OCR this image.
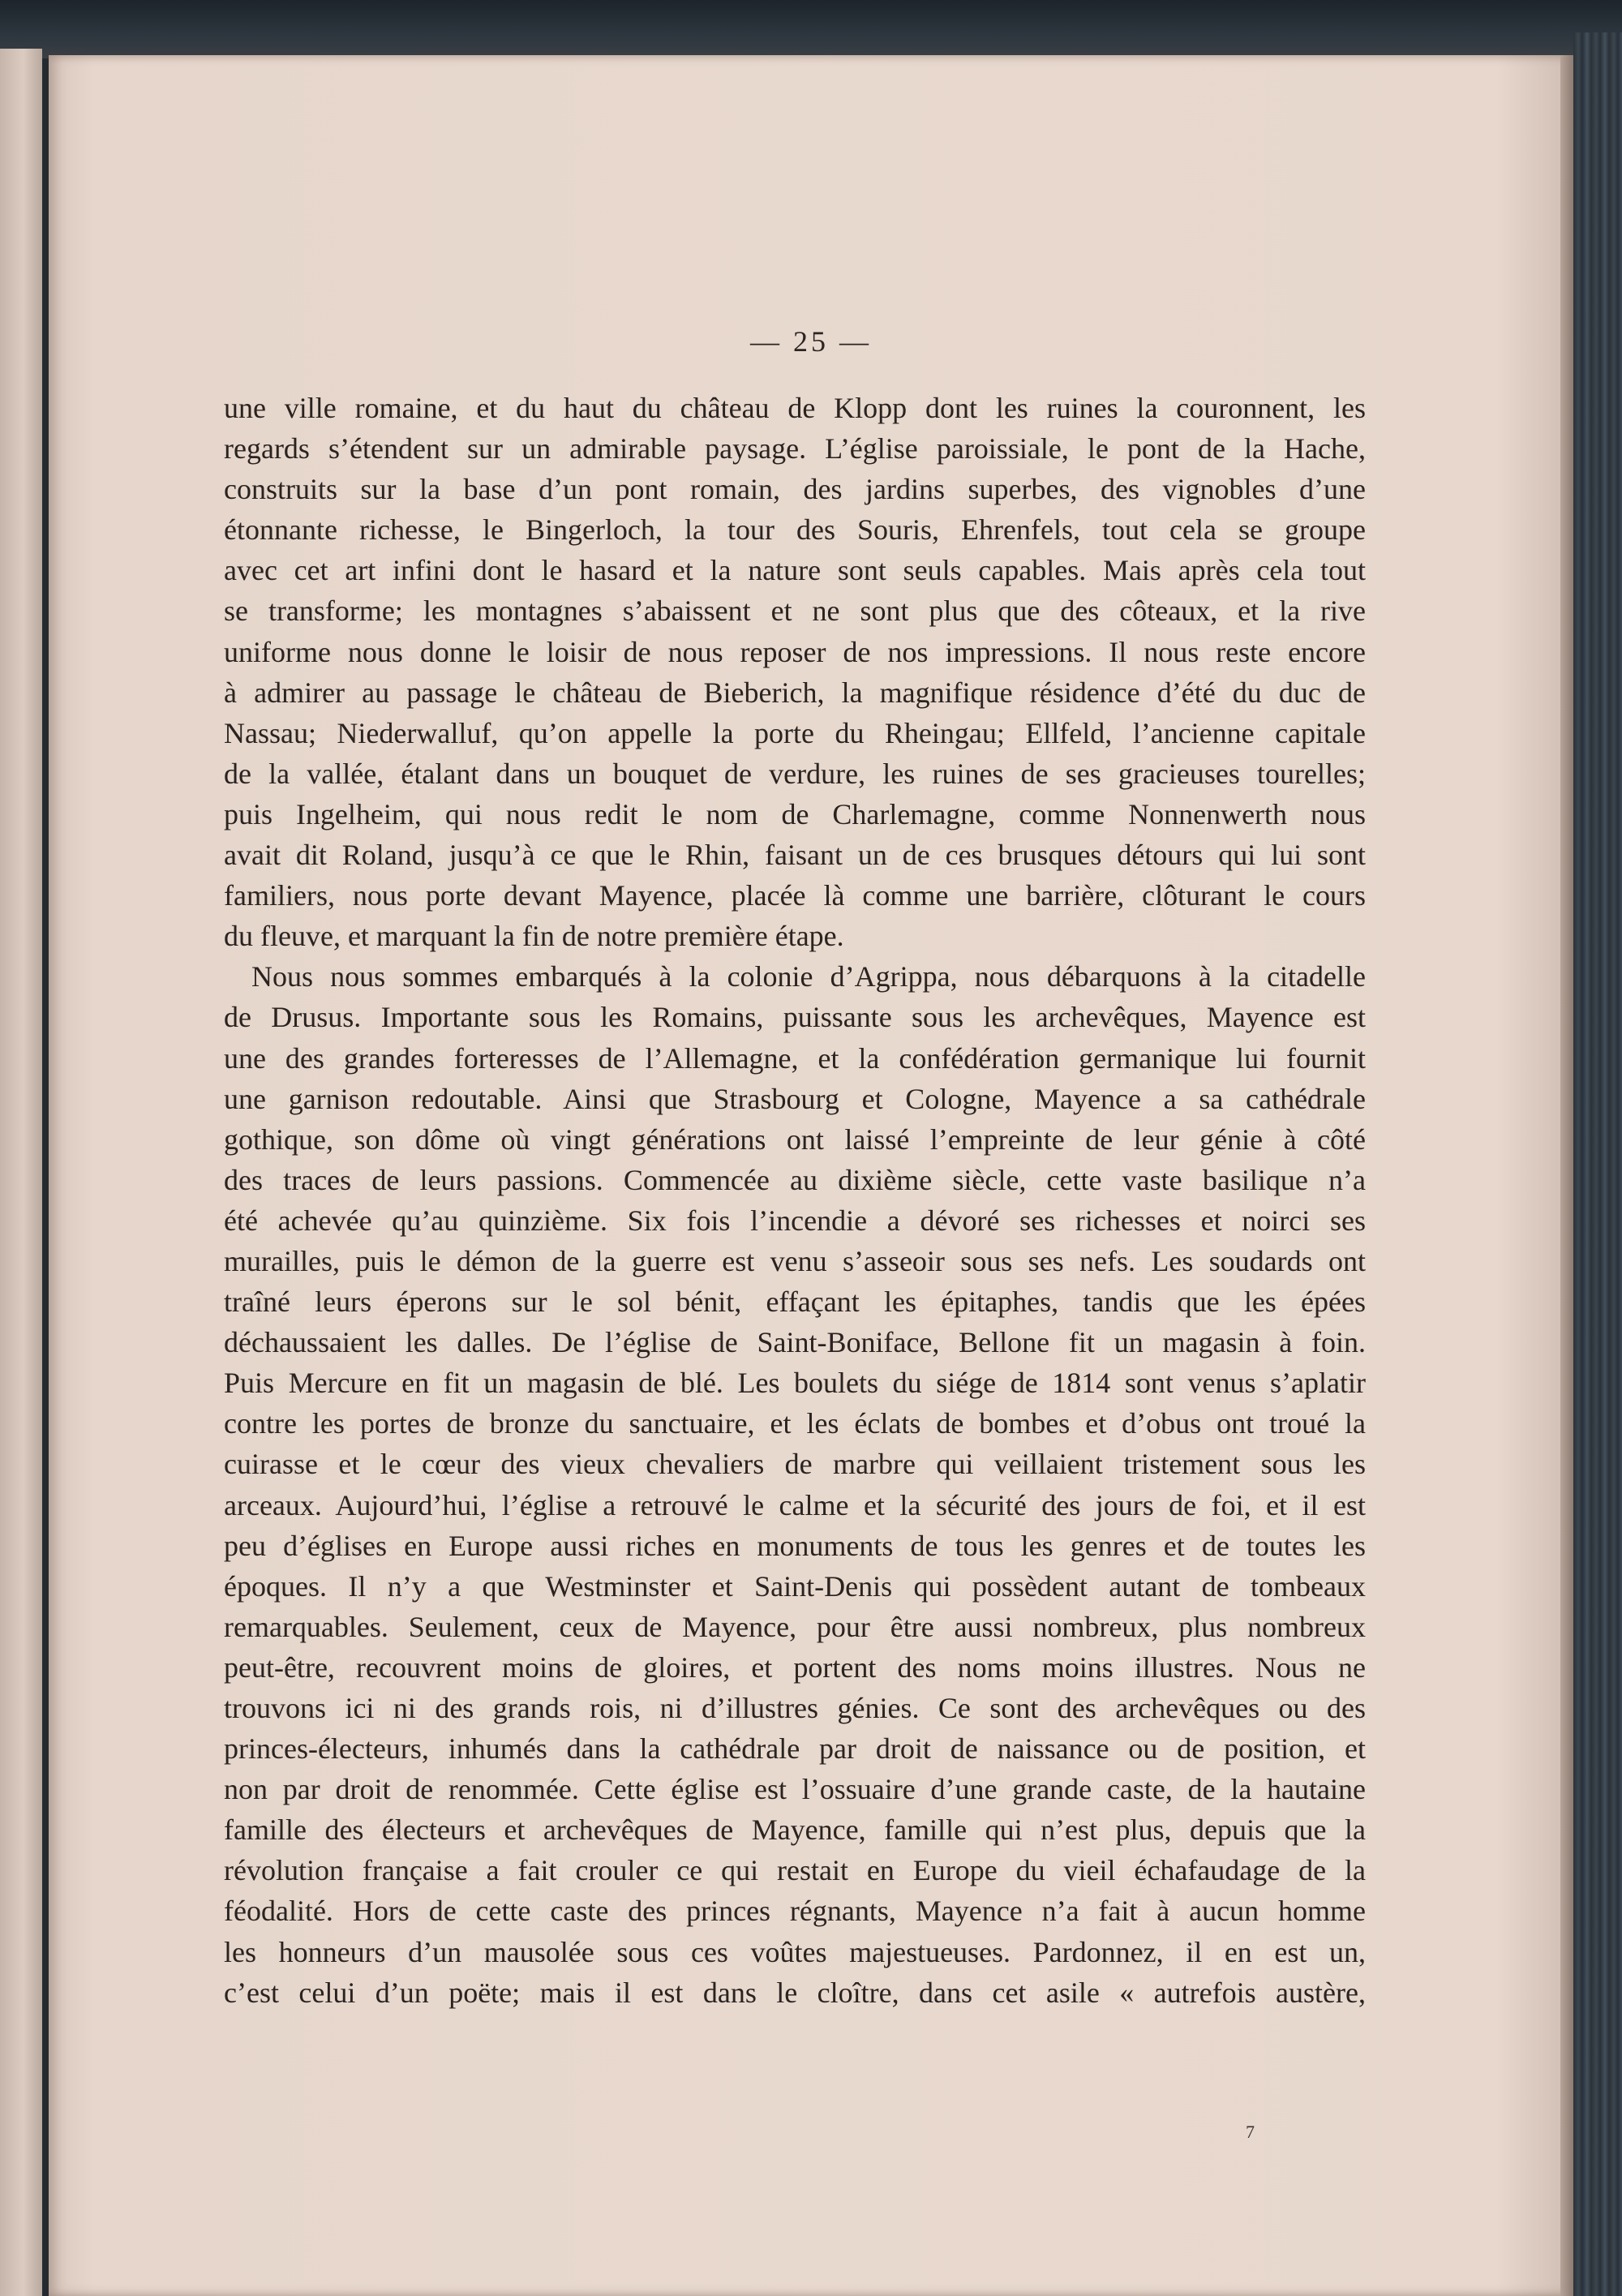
— 25 —
une ville romaine, et du haut du château de Klopp dont les ruines la couronnent, les
regards s’étendent sur un admirable paysage. L’église paroissiale, le pont de la Hache,
construits sur la base d’un pont romain, des jardins superbes, des vignobles d’une
étonnante richesse, le Bingerloch, la tour des Souris, Ehrenfels, tout cela se groupe
avec cet art infini dont le hasard et la nature sont seuls capables. Mais après cela tout
se transforme; les montagnes s’abaissent et ne sont plus que des côteaux, et la rive
uniforme nous donne le loisir de nous reposer de nos impressions. Il nous reste encore
à admirer au passage le château de Bieberich, la magnifique résidence d’été du duc de
Nassau; Niederwalluf, qu’on appelle la porte du Rheingau; Ellfeld, l’ancienne capitale
de la vallée, étalant dans un bouquet de verdure, les ruines de ses gracieuses tourelles;
puis Ingelheim, qui nous redit le nom de Charlemagne, comme Nonnenwerth nous
avait dit Roland, jusqu’à ce que le Rhin, faisant un de ces brusques détours qui lui sont
familiers, nous porte devant Mayence, placée là comme une barrière, clôturant le cours
du fleuve, et marquant la fin de notre première étape.
Nous nous sommes embarqués à la colonie d’Agrippa, nous débarquons à la citadelle
de Drusus. Importante sous les Romains, puissante sous les archevêques, Mayence est
une des grandes forteresses de l’Allemagne, et la confédération germanique lui fournit
une garnison redoutable. Ainsi que Strasbourg et Cologne, Mayence a sa cathédrale
gothique, son dôme où vingt générations ont laissé l’empreinte de leur génie à côté
des traces de leurs passions. Commencée au dixième siècle, cette vaste basilique n’a
été achevée qu’au quinzième. Six fois l’incendie a dévoré ses richesses et noirci ses
murailles, puis le démon de la guerre est venu s’asseoir sous ses nefs. Les soudards ont
traîné leurs éperons sur le sol bénit, effaçant les épitaphes, tandis que les épées
déchaussaient les dalles. De l’église de Saint-Boniface, Bellone fit un magasin à foin.
Puis Mercure en fit un magasin de blé. Les boulets du siége de 1814 sont venus s’aplatir
contre les portes de bronze du sanctuaire, et les éclats de bombes et d’obus ont troué la
cuirasse et le cœur des vieux chevaliers de marbre qui veillaient tristement sous les
arceaux. Aujourd’hui, l’église a retrouvé le calme et la sécurité des jours de foi, et il est
peu d’églises en Europe aussi riches en monuments de tous les genres et de toutes les
époques. Il n’y a que Westminster et Saint-Denis qui possèdent autant de tombeaux
remarquables. Seulement, ceux de Mayence, pour être aussi nombreux, plus nombreux
peut-être, recouvrent moins de gloires, et portent des noms moins illustres. Nous ne
trouvons ici ni des grands rois, ni d’illustres génies. Ce sont des archevêques ou des
princes-électeurs, inhumés dans la cathédrale par droit de naissance ou de position, et
non par droit de renommée. Cette église est l’ossuaire d’une grande caste, de la hautaine
famille des électeurs et archevêques de Mayence, famille qui n’est plus, depuis que la
révolution française a fait crouler ce qui restait en Europe du vieil échafaudage de la
féodalité. Hors de cette caste des princes régnants, Mayence n’a fait à aucun homme
les honneurs d’un mausolée sous ces voûtes majestueuses. Pardonnez, il en est un,
c’est celui d’un poëte; mais il est dans le cloître, dans cet asile « autrefois austère,
7
